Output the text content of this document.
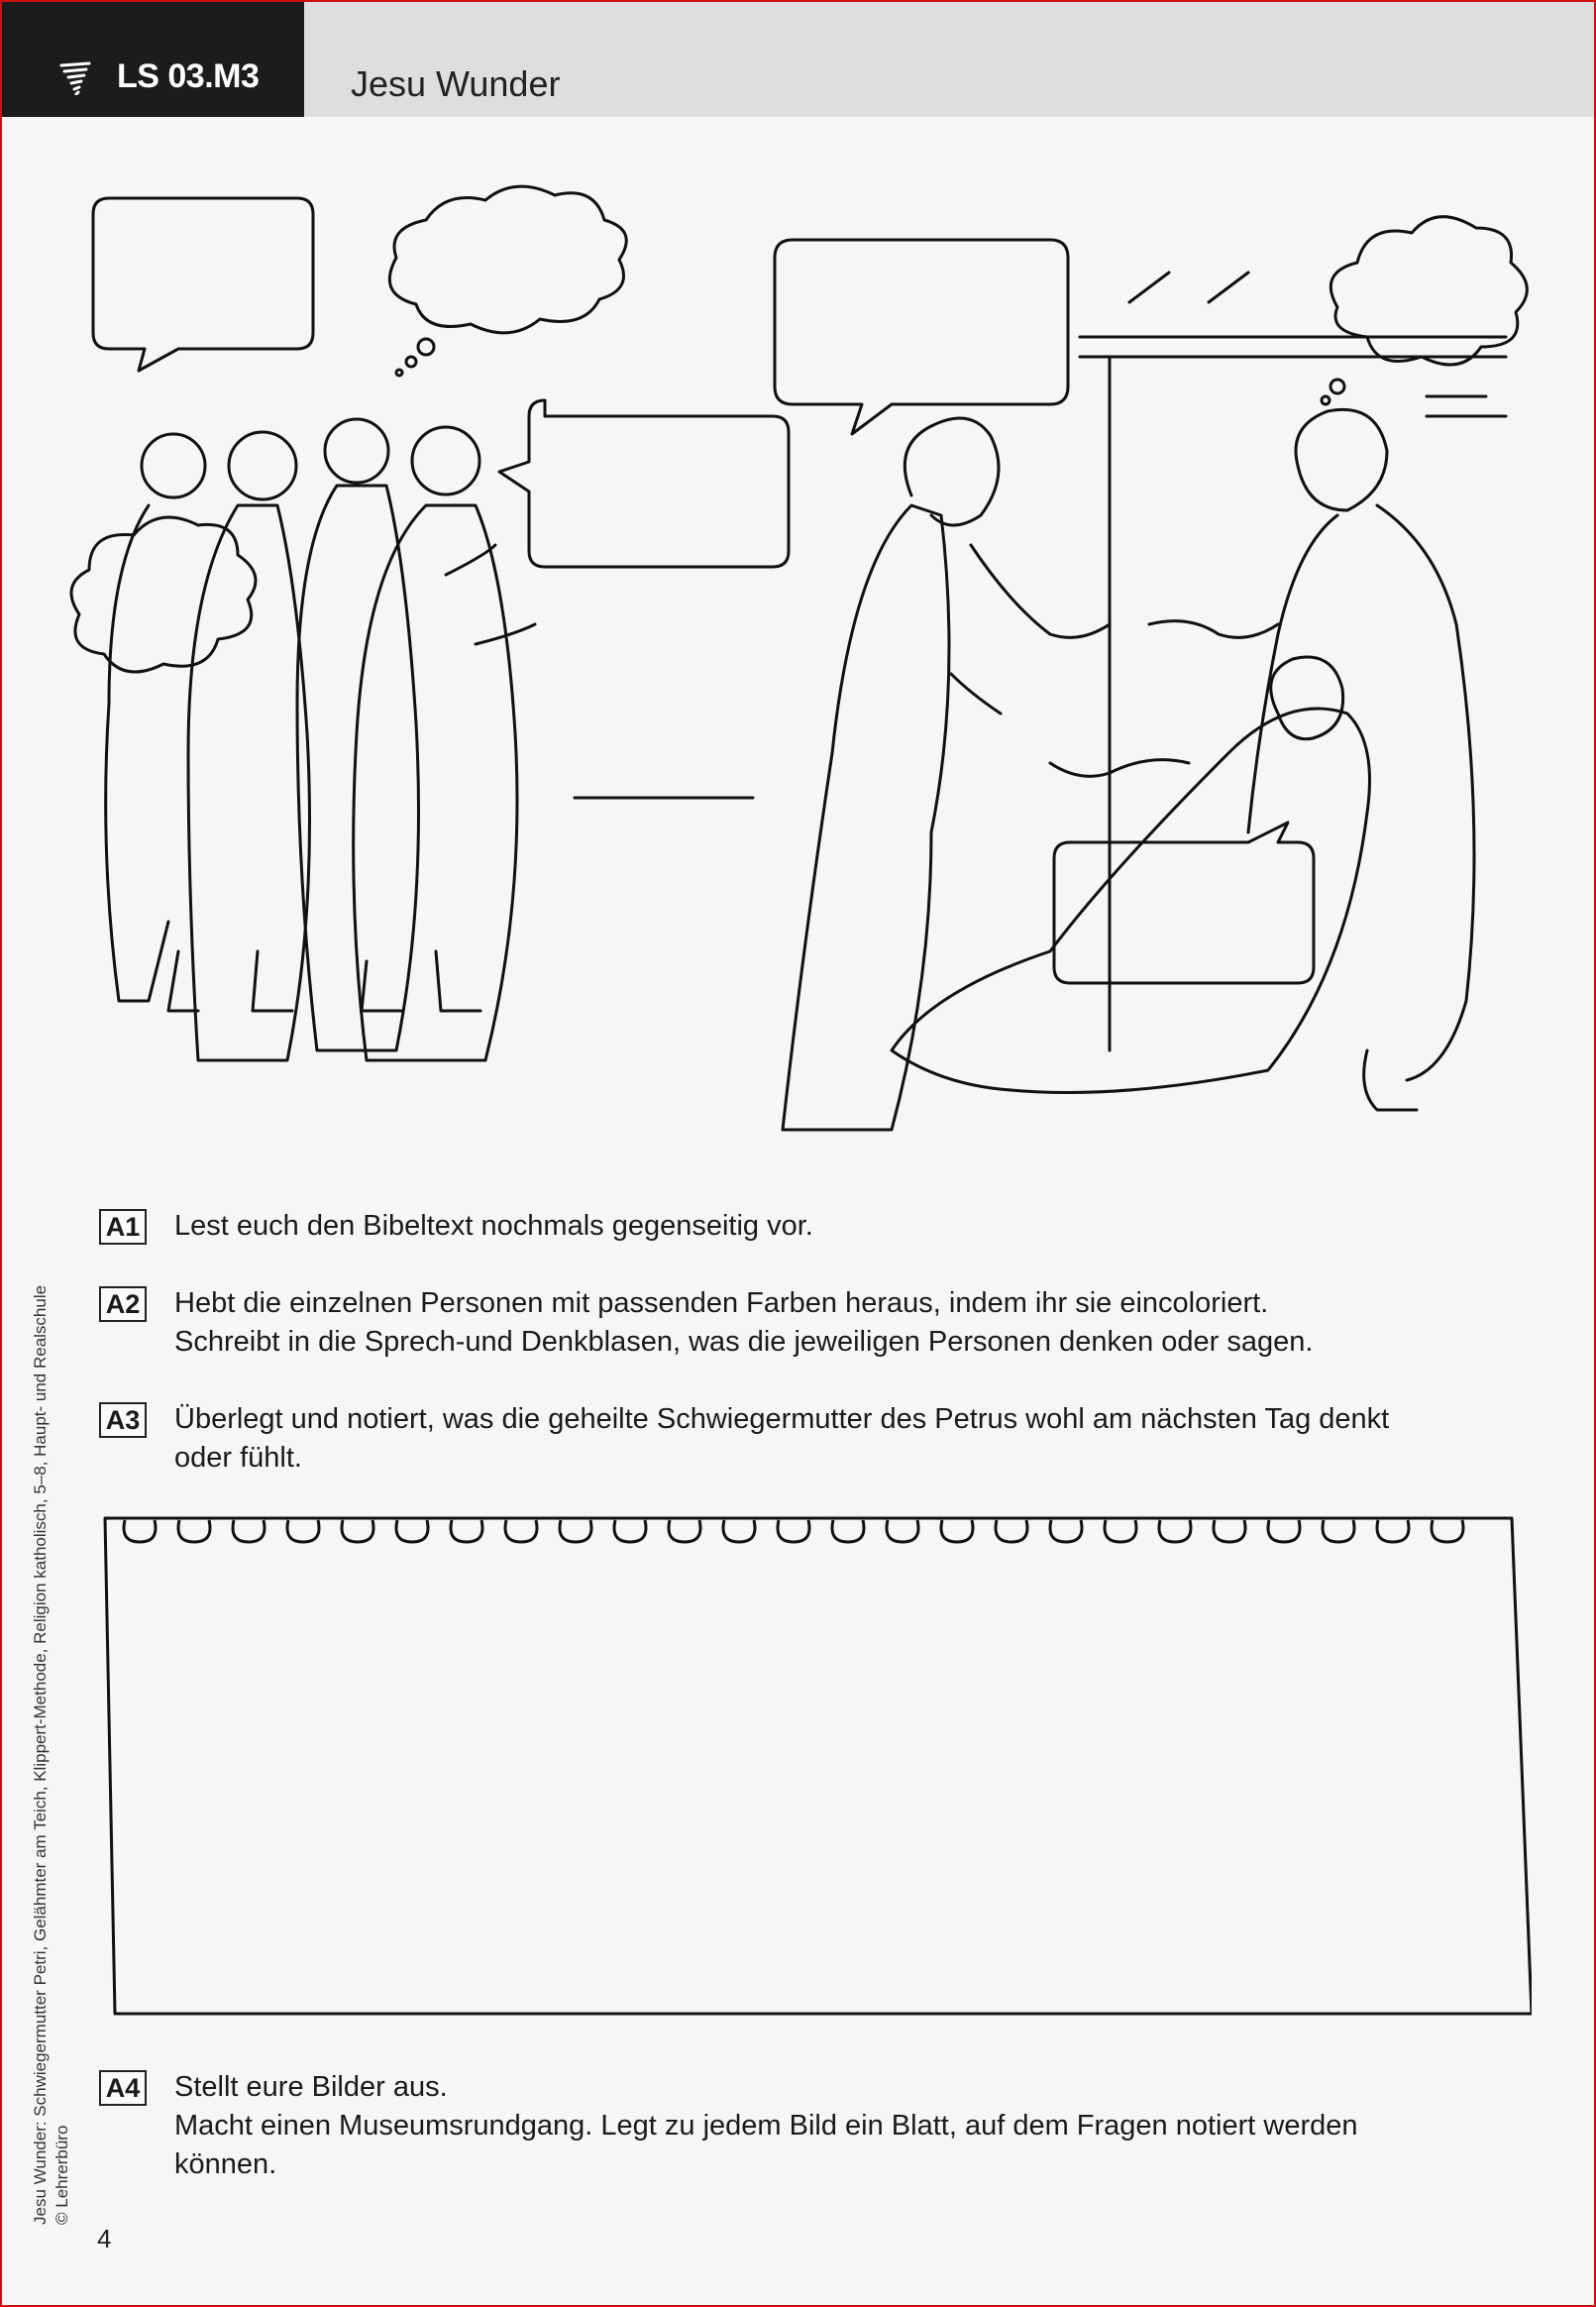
LS 03.M3	Jesu Wunder
A1 Lest euch den Bibeltext nochmals gegenseitig vor.
A2 Hebt die einzelnen Personen mit passenden Farben heraus, indem ihr sie eincoloriert.
Schreibt in die Sprech-und Denkblasen, was die jeweiligen Personen denken oder sagen.
A3 Überlegt und notiert, was die geheilte Schwiegermutter des Petrus wohl am nächsten Tag denkt
oder fühlt.
A4 Stellt eure Bilder aus.
Macht einen Museumsrundgang. Legt zu jedem Bild ein Blatt, auf dem Fragen notiert werden
können.
Jesu Wunder: Schwiegermutter Petri, Gelähmter am Teich, Klippert-Methode, Religion katholisch, 5–8, Haupt- und Realschule © Lehrerbüro
4
